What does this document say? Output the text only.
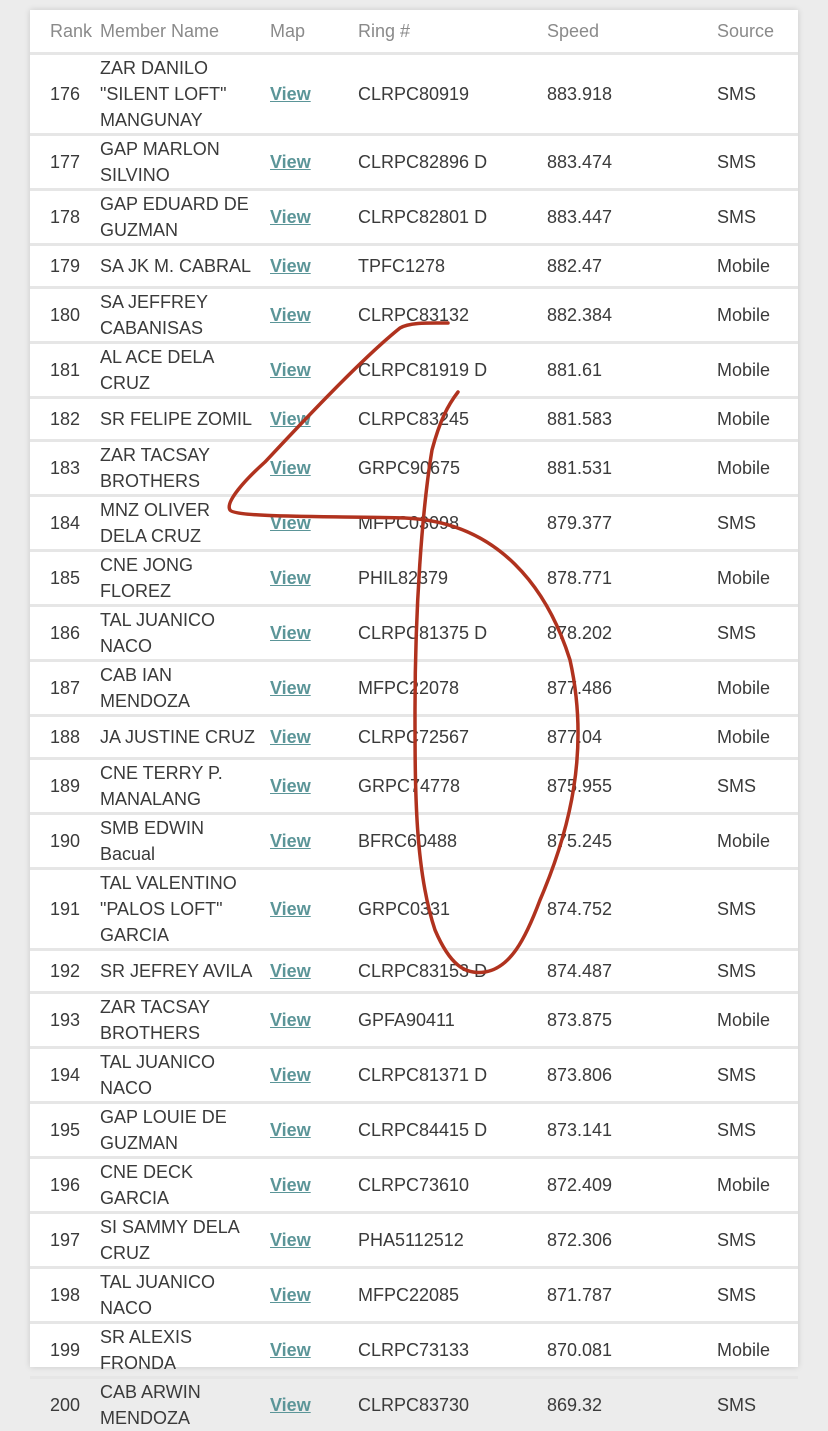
Rank	Member Name	Map	Ring #	Speed	Source
176	ZAR DANILO "SILENT LOFT" MANGUNAY	View	CLRPC80919	883.918	SMS
177	GAP MARLON SILVINO	View	CLRPC82896 D	883.474	SMS
178	GAP EDUARD DE GUZMAN	View	CLRPC82801 D	883.447	SMS
179	SA JK M. CABRAL	View	TPFC1278	882.47	Mobile
180	SA JEFFREY CABANISAS	View	CLRPC83132	882.384	Mobile
181	AL ACE DELA CRUZ	View	CLRPC81919 D	881.61	Mobile
182	SR FELIPE ZOMIL	View	CLRPC83245	881.583	Mobile
183	ZAR TACSAY BROTHERS	View	GRPC90675	881.531	Mobile
184	MNZ OLIVER DELA CRUZ	View	MFPC03098	879.377	SMS
185	CNE JONG FLOREZ	View	PHIL82379	878.771	Mobile
186	TAL JUANICO NACO	View	CLRPC81375 D	878.202	SMS
187	CAB IAN MENDOZA	View	MFPC22078	877.486	Mobile
188	JA JUSTINE CRUZ	View	CLRPC72567	877.04	Mobile
189	CNE TERRY P. MANALANG	View	GRPC74778	875.955	SMS
190	SMB EDWIN Bacual	View	BFRC60488	875.245	Mobile
191	TAL VALENTINO "PALOS LOFT" GARCIA	View	GRPC0331	874.752	SMS
192	SR JEFREY AVILA	View	CLRPC83153 D	874.487	SMS
193	ZAR TACSAY BROTHERS	View	GPFA90411	873.875	Mobile
194	TAL JUANICO NACO	View	CLRPC81371 D	873.806	SMS
195	GAP LOUIE DE GUZMAN	View	CLRPC84415 D	873.141	SMS
196	CNE DECK GARCIA	View	CLRPC73610	872.409	Mobile
197	SI SAMMY DELA CRUZ	View	PHA5112512	872.306	SMS
198	TAL JUANICO NACO	View	MFPC22085	871.787	SMS
199	SR ALEXIS FRONDA	View	CLRPC73133	870.081	Mobile
200	CAB ARWIN MENDOZA	View	CLRPC83730	869.32	SMS
